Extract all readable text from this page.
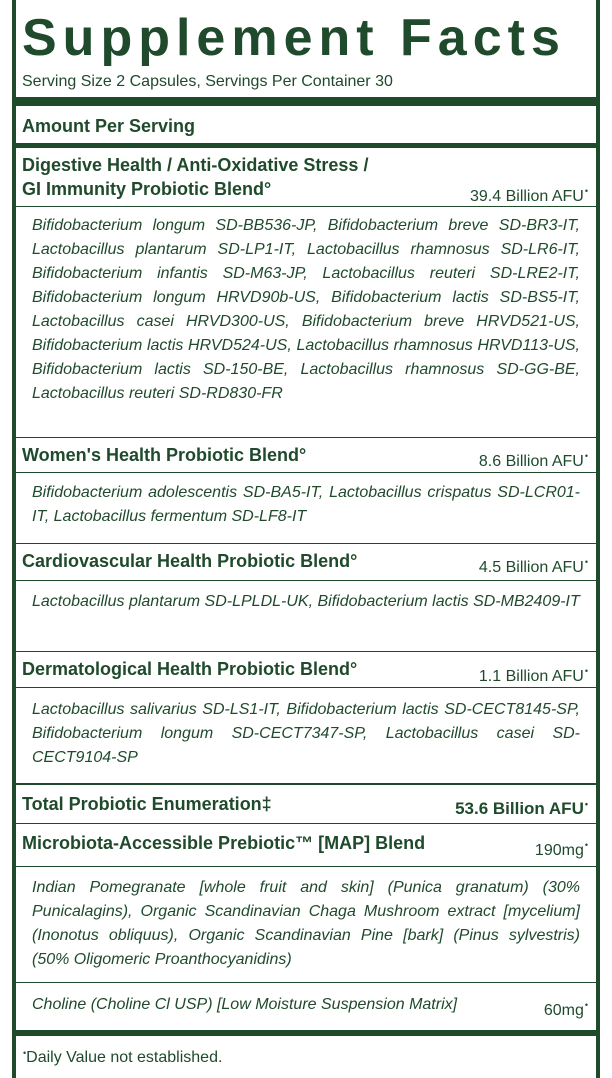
Supplement Facts
Serving Size 2 Capsules, Servings Per Container 30
Amount Per Serving
Digestive Health / Anti-Oxidative Stress /
GI Immunity Probiotic Blend°	39.4 Billion AFU•
Bifidobacterium longum SD-BB536-JP, Bifidobacterium breve SD-BR3-IT, Lactobacillus plantarum SD-LP1-IT, Lactobacillus rhamnosus SD-LR6-IT, Bifidobacterium infantis SD-M63-JP, Lactobacillus reuteri SD-LRE2-IT, Bifidobacterium longum HRVD90b-US, Bifidobacterium lactis SD-BS5-IT, Lactobacillus casei HRVD300-US, Bifidobacterium breve HRVD521-US, Bifidobacterium lactis HRVD524-US, Lactobacillus rhamnosus HRVD113-US, Bifidobacterium lactis SD-150-BE, Lactobacillus rhamnosus SD-GG-BE, Lactobacillus reuteri SD-RD830-FR
Women's Health Probiotic Blend°	8.6 Billion AFU•
Bifidobacterium adolescentis SD-BA5-IT, Lactobacillus crispatus SD-LCR01-IT, Lactobacillus fermentum SD-LF8-IT
Cardiovascular Health Probiotic Blend°	4.5 Billion AFU•
Lactobacillus plantarum SD-LPLDL-UK, Bifidobacterium lactis SD-MB2409-IT
Dermatological Health Probiotic Blend°	1.1 Billion AFU•
Lactobacillus salivarius SD-LS1-IT, Bifidobacterium lactis SD-CECT8145-SP, Bifidobacterium longum SD-CECT7347-SP, Lactobacillus casei SD-CECT9104-SP
Total Probiotic Enumeration‡	53.6 Billion AFU•
Microbiota-Accessible Prebiotic™ [MAP] Blend	190mg•
Indian Pomegranate [whole fruit and skin] (Punica granatum) (30% Punicalagins), Organic Scandinavian Chaga Mushroom extract [mycelium] (Inonotus obliquus), Organic Scandinavian Pine [bark] (Pinus sylvestris) (50% Oligomeric Proanthocyanidins)
Choline (Choline Cl USP) [Low Moisture Suspension Matrix]	60mg•
•Daily Value not established.
